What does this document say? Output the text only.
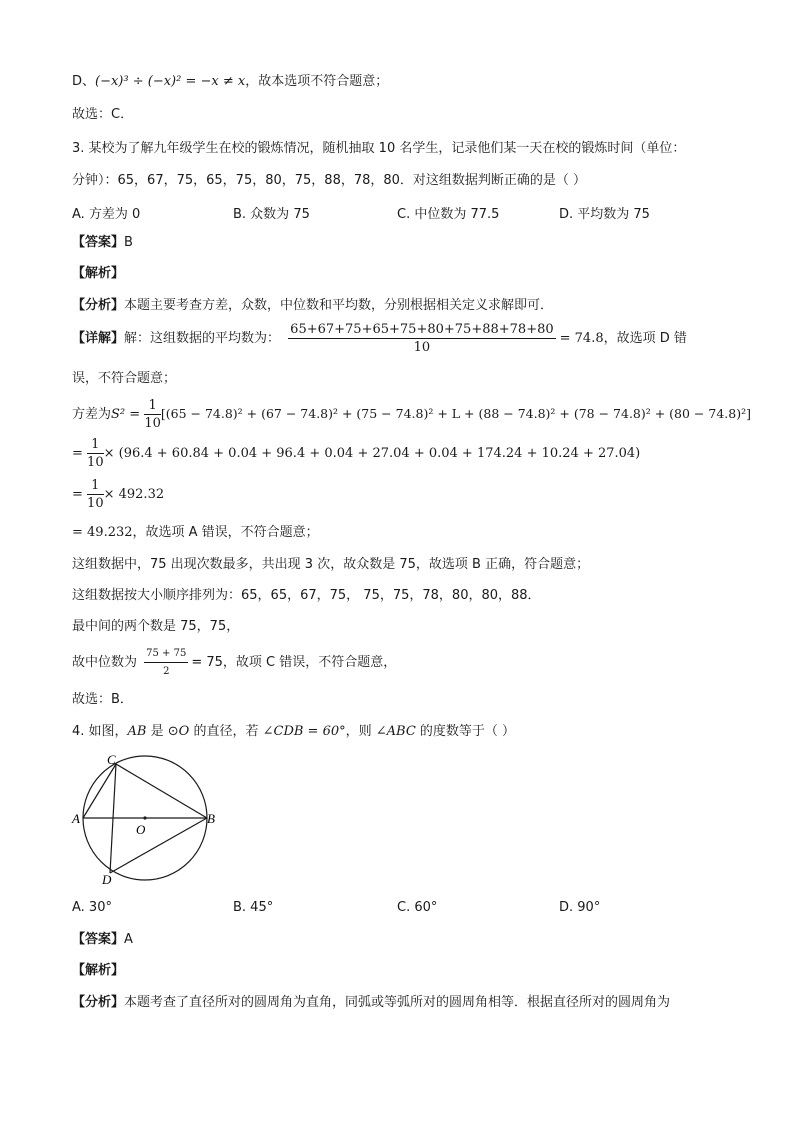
D、(−x)³ ÷ (−x)² = −x ≠ x，故本选项不符合题意；
故选：C．
3. 某校为了解九年级学生在校的锻炼情况，随机抽取 10 名学生，记录他们某一天在校的锻炼时间（单位：
分钟）：65，67，75，65，75，80，75，88，78，80．对这组数据判断正确的是（ ）
A. 方差为 0	B. 众数为 75	C. 中位数为 77.5	D. 平均数为 75
【答案】B
【解析】
【分析】本题主要考查方差，众数，中位数和平均数，分别根据相关定义求解即可．
【详解】解：这组数据的平均数为： $\frac{65+67+75+65+75+80+75+88+78+80}{10} = 74.8$，故选项 D 错
误，不符合题意；
方差为$S^2 = \frac{1}{10} [(65 - 74.8)^2 + (67 - 74.8)^2 + (75 - 74.8)^2 + L + (88 - 74.8)^2 + (78 - 74.8)^2 + (80 - 74.8)^2]$
= $\frac{1}{10} \times (96.4 + 60.84 + 0.04 + 96.4 + 0.04 + 27.04 + 0.04 + 174.24 + 10.24 + 27.04)$
= $\frac{1}{10} \times 492.32$
= 49.232，故选项 A 错误，不符合题意；
这组数据中，75 出现次数最多，共出现 3 次，故众数是 75，故选项 B 正确，符合题意；
这组数据按大小顺序排列为：65，65，67，75， 75，75，78，80，80，88．
最中间的两个数是 75，75，
故中位数为 $\frac{75 + 75}{2} = 75$，故项 C 错误，不符合题意，
故选：B．
4. 如图，AB 是 ⊙O 的直径，若 ∠CDB = 60°，则 ∠ABC 的度数等于（ ）
C
A	B
O
D
A. 30°	B. 45°	C. 60°	D. 90°
【答案】A
【解析】
【分析】本题考查了直径所对的圆周角为直角，同弧或等弧所对的圆周角相等．根据直径所对的圆周角为
